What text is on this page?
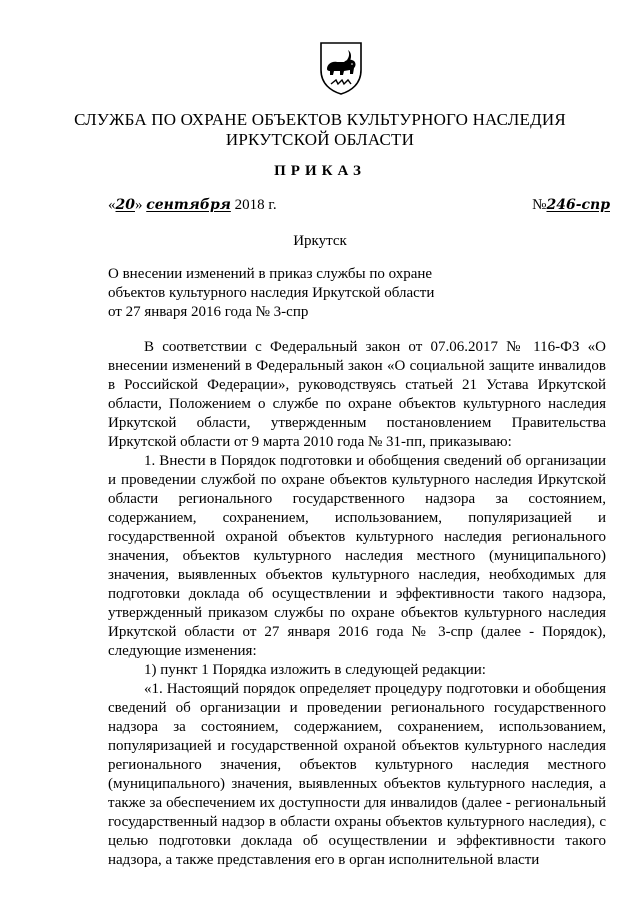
СЛУЖБА ПО ОХРАНЕ ОБЪЕКТОВ КУЛЬТУРНОГО НАСЛЕДИЯ
ИРКУТСКОЙ ОБЛАСТИ
ПРИКАЗ
«20» сентября 2018 г.	№246-спр
Иркутск
О внесении изменений в приказ службы по охране
объектов культурного наследия Иркутской области
от 27 января 2016 года № 3-спр

В соответствии с Федеральный закон от 07.06.2017 № 116-ФЗ «О внесении изменений в Федеральный закон «О социальной защите инвалидов в Российской Федерации», руководствуясь статьей 21 Устава Иркутской области, Положением о службе по охране объектов культурного наследия Иркутской области, утвержденным постановлением Правительства Иркутской области от 9 марта 2010 года № 31-пп, приказываю:

1. Внести в Порядок подготовки и обобщения сведений об организации и проведении службой по охране объектов культурного наследия Иркутской области регионального государственного надзора за состоянием, содержанием, сохранением, использованием, популяризацией и государственной охраной объектов культурного наследия регионального значения, объектов культурного наследия местного (муниципального) значения, выявленных объектов культурного наследия, необходимых для подготовки доклада об осуществлении и эффективности такого надзора, утвержденный приказом службы по охране объектов культурного наследия Иркутской области от 27 января 2016 года № 3-спр (далее - Порядок), следующие изменения:

1) пункт 1 Порядка изложить в следующей редакции:

«1. Настоящий порядок определяет процедуру подготовки и обобщения сведений об организации и проведении регионального государственного надзора за состоянием, содержанием, сохранением, использованием, популяризацией и государственной охраной объектов культурного наследия регионального значения, объектов культурного наследия местного (муниципального) значения, выявленных объектов культурного наследия, а также за обеспечением их доступности для инвалидов (далее - региональный государственный надзор в области охраны объектов культурного наследия), с целью подготовки доклада об осуществлении и эффективности такого надзора, а также представления его в орган исполнительной власти
